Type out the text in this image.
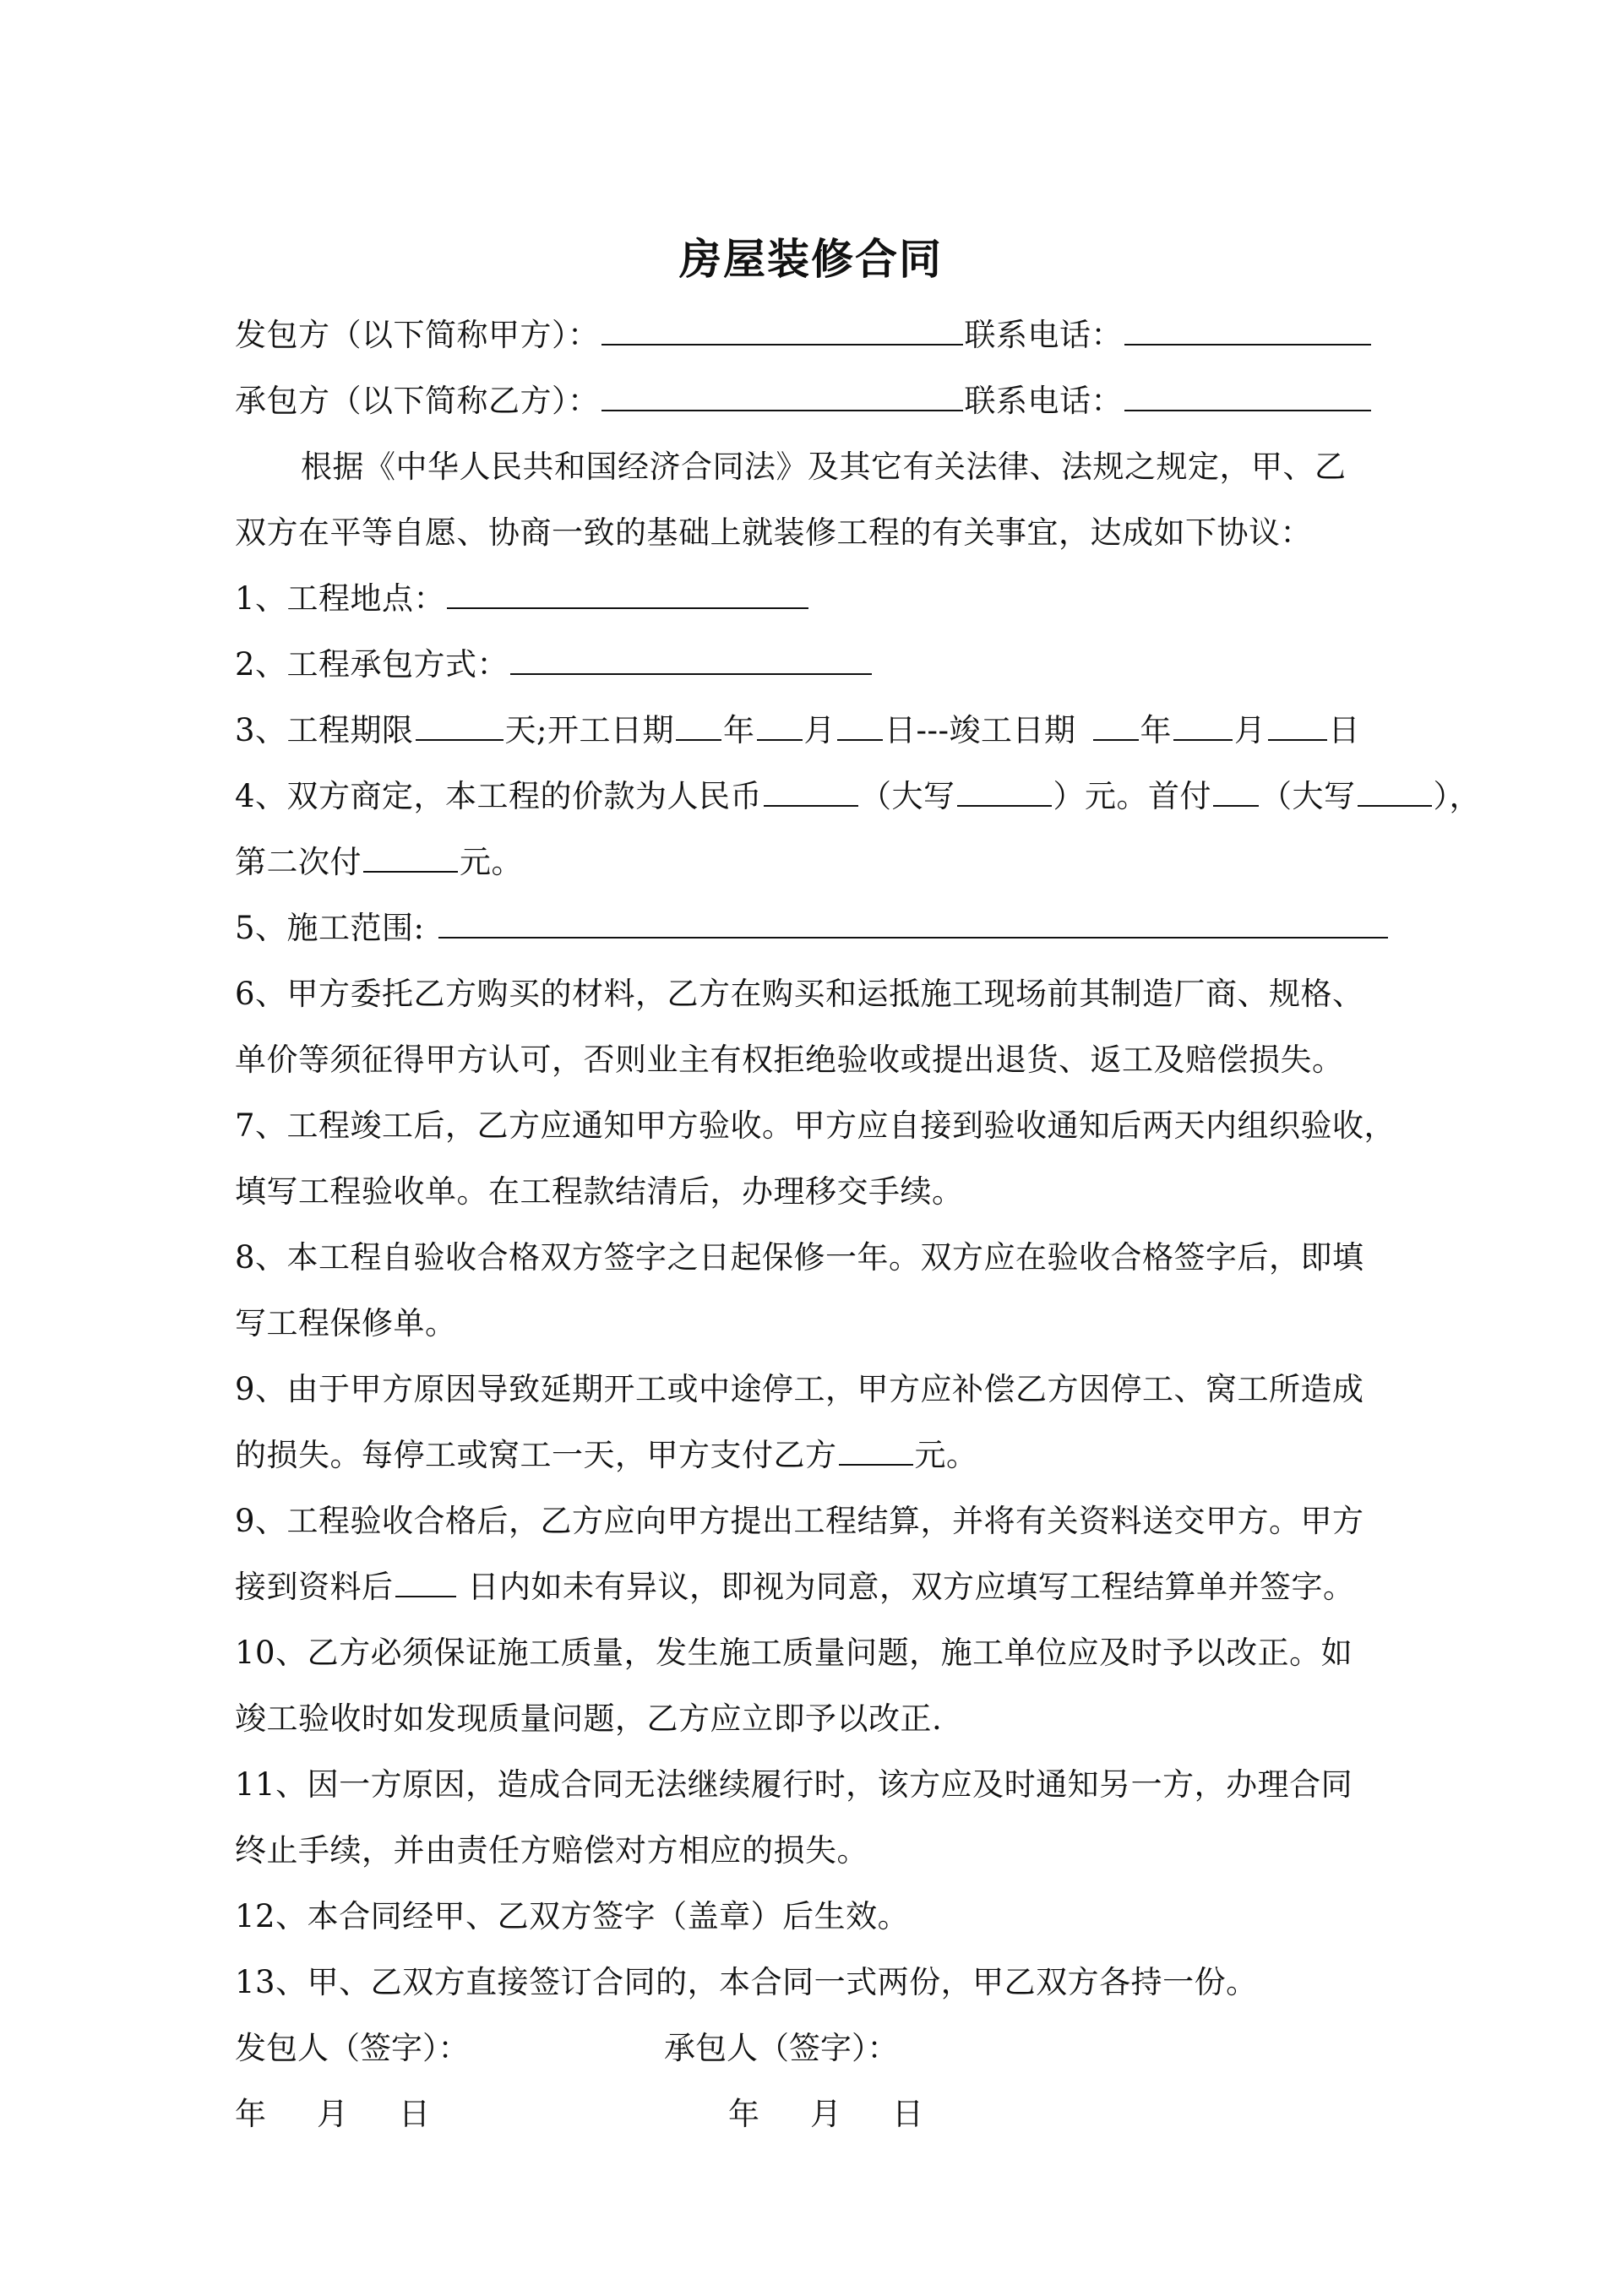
房屋装修合同
发包方（以下简称甲方）：	联系电话：
承包方（以下简称乙方）：	联系电话：
根据《中华人民共和国经济合同法》及其它有关法律、法规之规定，甲、乙
双方在平等自愿、协商一致的基础上就装修工程的有关事宜，达成如下协议：
1、工程地点：
2、工程承包方式：
3、工程期限	天;开工日期 年 月 日---竣工日期 年 月 日
4、双方商定，本工程的价款为人民币	（大写	）元。首付 （大写 ），
第二次付	元。
5、施工范围:
6、甲方委托乙方购买的材料，乙方在购买和运抵施工现场前其制造厂商、规格、
单价等须征得甲方认可，否则业主有权拒绝验收或提出退货、返工及赔偿损失。
7、工程竣工后，乙方应通知甲方验收。甲方应自接到验收通知后两天内组织验收，
填写工程验收单。在工程款结清后，办理移交手续。
8、本工程自验收合格双方签字之日起保修一年。双方应在验收合格签字后，即填
写工程保修单。
9、由于甲方原因导致延期开工或中途停工，甲方应补偿乙方因停工、窝工所造成
的损失。每停工或窝工一天，甲方支付乙方 元。
9、工程验收合格后，乙方应向甲方提出工程结算，并将有关资料送交甲方。甲方
接到资料后 日内如未有异议，即视为同意，双方应填写工程结算单并签字。
10、乙方必须保证施工质量，发生施工质量问题，施工单位应及时予以改正。如
竣工验收时如发现质量问题，乙方应立即予以改正.
11、因一方原因，造成合同无法继续履行时，该方应及时通知另一方，办理合同
终止手续，并由责任方赔偿对方相应的损失。
12、本合同经甲、乙双方签字（盖章）后生效。
13、甲、乙双方直接签订合同的，本合同一式两份，甲乙双方各持一份。
发包人（签字）：	承包人（签字）：
年 月 日	年 月 日
